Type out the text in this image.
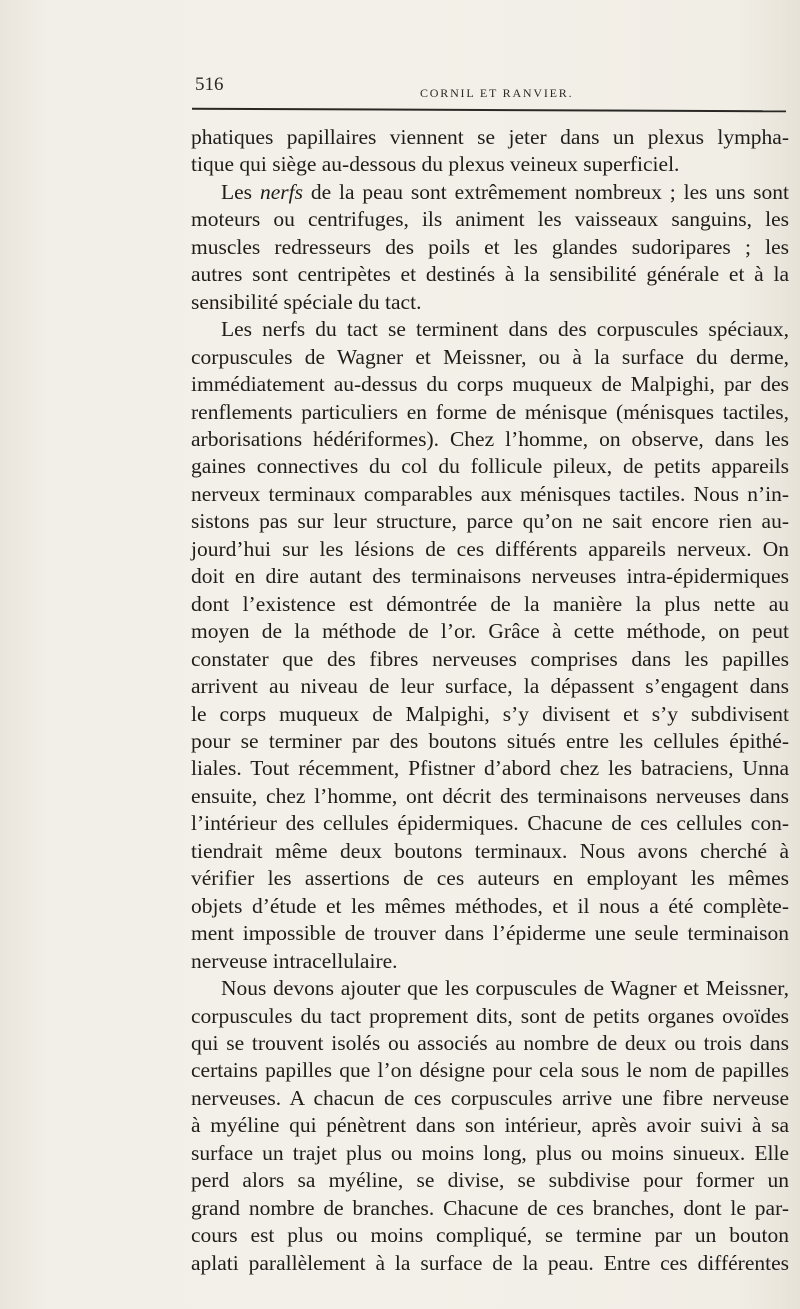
516	CORNIL ET RANVIER.

phatiques papillaires viennent se jeter dans un plexus lympha-
tique qui siège au-dessous du plexus veineux superficiel.

Les nerfs de la peau sont extrêmement nombreux ; les uns sont
moteurs ou centrifuges, ils animent les vaisseaux sanguins, les
muscles redresseurs des poils et les glandes sudoripares ; les
autres sont centripètes et destinés à la sensibilité générale et à la
sensibilité spéciale du tact.

Les nerfs du tact se terminent dans des corpuscules spéciaux,
corpuscules de Wagner et Meissner, ou à la surface du derme,
immédiatement au-dessus du corps muqueux de Malpighi, par des
renflements particuliers en forme de ménisque (ménisques tactiles,
arborisations hédériformes). Chez l’homme, on observe, dans les
gaines connectives du col du follicule pileux, de petits appareils
nerveux terminaux comparables aux ménisques tactiles. Nous n’in-
sistons pas sur leur structure, parce qu’on ne sait encore rien au-
jourd’hui sur les lésions de ces différents appareils nerveux. On
doit en dire autant des terminaisons nerveuses intra-épidermiques
dont l’existence est démontrée de la manière la plus nette au
moyen de la méthode de l’or. Grâce à cette méthode, on peut
constater que des fibres nerveuses comprises dans les papilles
arrivent au niveau de leur surface, la dépassent s’engagent dans
le corps muqueux de Malpighi, s’y divisent et s’y subdivisent
pour se terminer par des boutons situés entre les cellules épithé-
liales. Tout récemment, Pfistner d’abord chez les batraciens, Unna
ensuite, chez l’homme, ont décrit des terminaisons nerveuses dans
l’intérieur des cellules épidermiques. Chacune de ces cellules con-
tiendrait même deux boutons terminaux. Nous avons cherché à
vérifier les assertions de ces auteurs en employant les mêmes
objets d’étude et les mêmes méthodes, et il nous a été complète-
ment impossible de trouver dans l’épiderme une seule terminaison
nerveuse intracellulaire.

Nous devons ajouter que les corpuscules de Wagner et Meissner,
corpuscules du tact proprement dits, sont de petits organes ovoïdes
qui se trouvent isolés ou associés au nombre de deux ou trois dans
certains papilles que l’on désigne pour cela sous le nom de papilles
nerveuses. A chacun de ces corpuscules arrive une fibre nerveuse
à myéline qui pénètrent dans son intérieur, après avoir suivi à sa
surface un trajet plus ou moins long, plus ou moins sinueux. Elle
perd alors sa myéline, se divise, se subdivise pour former un
grand nombre de branches. Chacune de ces branches, dont le par-
cours est plus ou moins compliqué, se termine par un bouton
aplati parallèlement à la surface de la peau. Entre ces différentes
